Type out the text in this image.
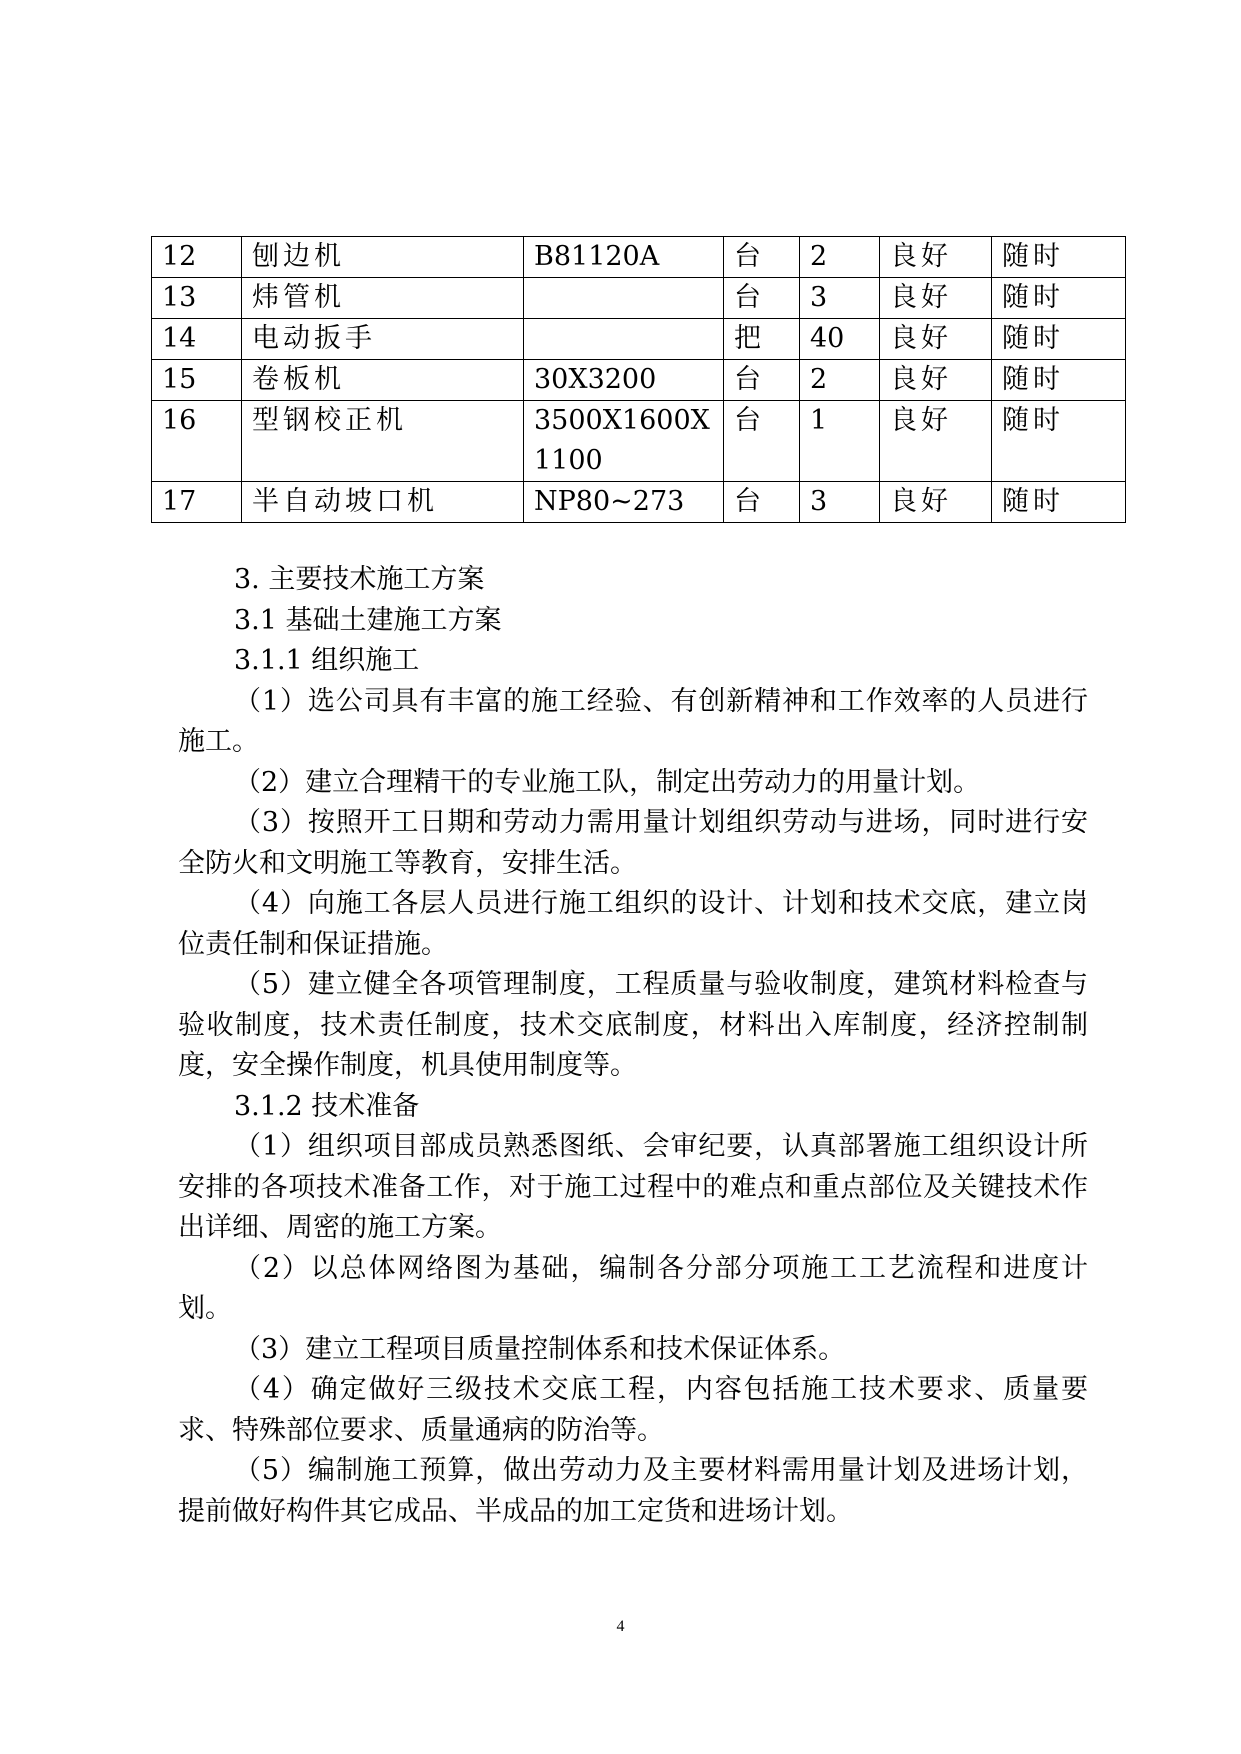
12	刨边机	B81120A	台	2	良好	随时
13	炜管机		台	3	良好	随时
14	电动扳手		把	40	良好	随时
15	卷板机	30X3200	台	2	良好	随时
16	型钢校正机	3500X1600X1100	台	1	良好	随时
17	半自动坡口机	NP80~273	台	3	良好	随时

3. 主要技术施工方案

3.1 基础土建施工方案

3.1.1 组织施工

（1）选公司具有丰富的施工经验、有创新精神和工作效率的人员进行施工。

（2）建立合理精干的专业施工队，制定出劳动力的用量计划。

（3）按照开工日期和劳动力需用量计划组织劳动与进场，同时进行安全防火和文明施工等教育，安排生活。

（4）向施工各层人员进行施工组织的设计、计划和技术交底，建立岗位责任制和保证措施。

（5）建立健全各项管理制度，工程质量与验收制度，建筑材料检查与验收制度，技术责任制度，技术交底制度，材料出入库制度，经济控制制度，安全操作制度，机具使用制度等。

3.1.2 技术准备

（1）组织项目部成员熟悉图纸、会审纪要，认真部署施工组织设计所安排的各项技术准备工作，对于施工过程中的难点和重点部位及关键技术作出详细、周密的施工方案。

（2）以总体网络图为基础，编制各分部分项施工工艺流程和进度计划。

（3）建立工程项目质量控制体系和技术保证体系。

（4）确定做好三级技术交底工程，内容包括施工技术要求、质量要求、特殊部位要求、质量通病的防治等。

（5）编制施工预算，做出劳动力及主要材料需用量计划及进场计划，提前做好构件其它成品、半成品的加工定货和进场计划。

4
